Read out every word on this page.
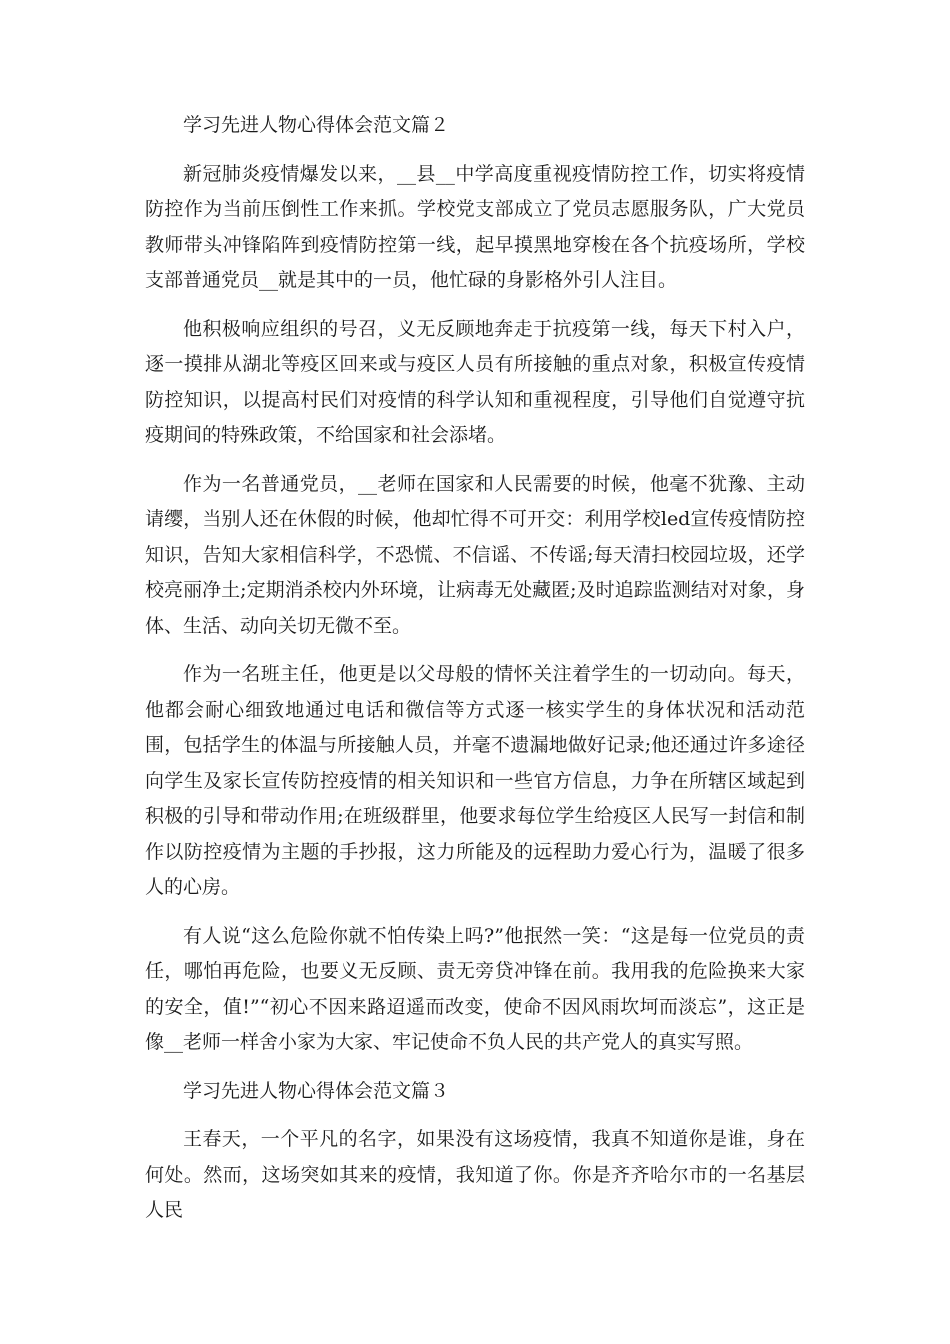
学习先进人物心得体会范文篇２

新冠肺炎疫情爆发以来，__县__中学高度重视疫情防控工作，切实将疫情防控作为当前压倒性工作来抓。学校党支部成立了党员志愿服务队，广大党员教师带头冲锋陷阵到疫情防控第一线，起早摸黑地穿梭在各个抗疫场所，学校支部普通党员__就是其中的一员，他忙碌的身影格外引人注目。

他积极响应组织的号召，义无反顾地奔走于抗疫第一线，每天下村入户，逐一摸排从湖北等疫区回来或与疫区人员有所接触的重点对象，积极宣传疫情防控知识，以提高村民们对疫情的科学认知和重视程度，引导他们自觉遵守抗疫期间的特殊政策，不给国家和社会添堵。

作为一名普通党员，__老师在国家和人民需要的时候，他毫不犹豫、主动请缨，当别人还在休假的时候，他却忙得不可开交：利用学校led宣传疫情防控知识，告知大家相信科学，不恐慌、不信谣、不传谣;每天清扫校园垃圾，还学校亮丽净土;定期消杀校内外环境，让病毒无处藏匿;及时追踪监测结对对象，身体、生活、动向关切无微不至。

作为一名班主任，他更是以父母般的情怀关注着学生的一切动向。每天，他都会耐心细致地通过电话和微信等方式逐一核实学生的身体状况和活动范围，包括学生的体温与所接触人员，并毫不遗漏地做好记录;他还通过许多途径向学生及家长宣传防控疫情的相关知识和一些官方信息，力争在所辖区域起到积极的引导和带动作用;在班级群里，他要求每位学生给疫区人民写一封信和制作以防控疫情为主题的手抄报，这力所能及的远程助力爱心行为，温暖了很多人的心房。

有人说“这么危险你就不怕传染上吗?”他抿然一笑：“这是每一位党员的责任，哪怕再危险，也要义无反顾、责无旁贷冲锋在前。我用我的危险换来大家的安全，值!”“初心不因来路迢遥而改变，使命不因风雨坎坷而淡忘”，这正是像__老师一样舍小家为大家、牢记使命不负人民的共产党人的真实写照。

学习先进人物心得体会范文篇３

王春天，一个平凡的名字，如果没有这场疫情，我真不知道你是谁，身在何处。然而，这场突如其来的疫情，我知道了你。你是齐齐哈尔市的一名基层人民
